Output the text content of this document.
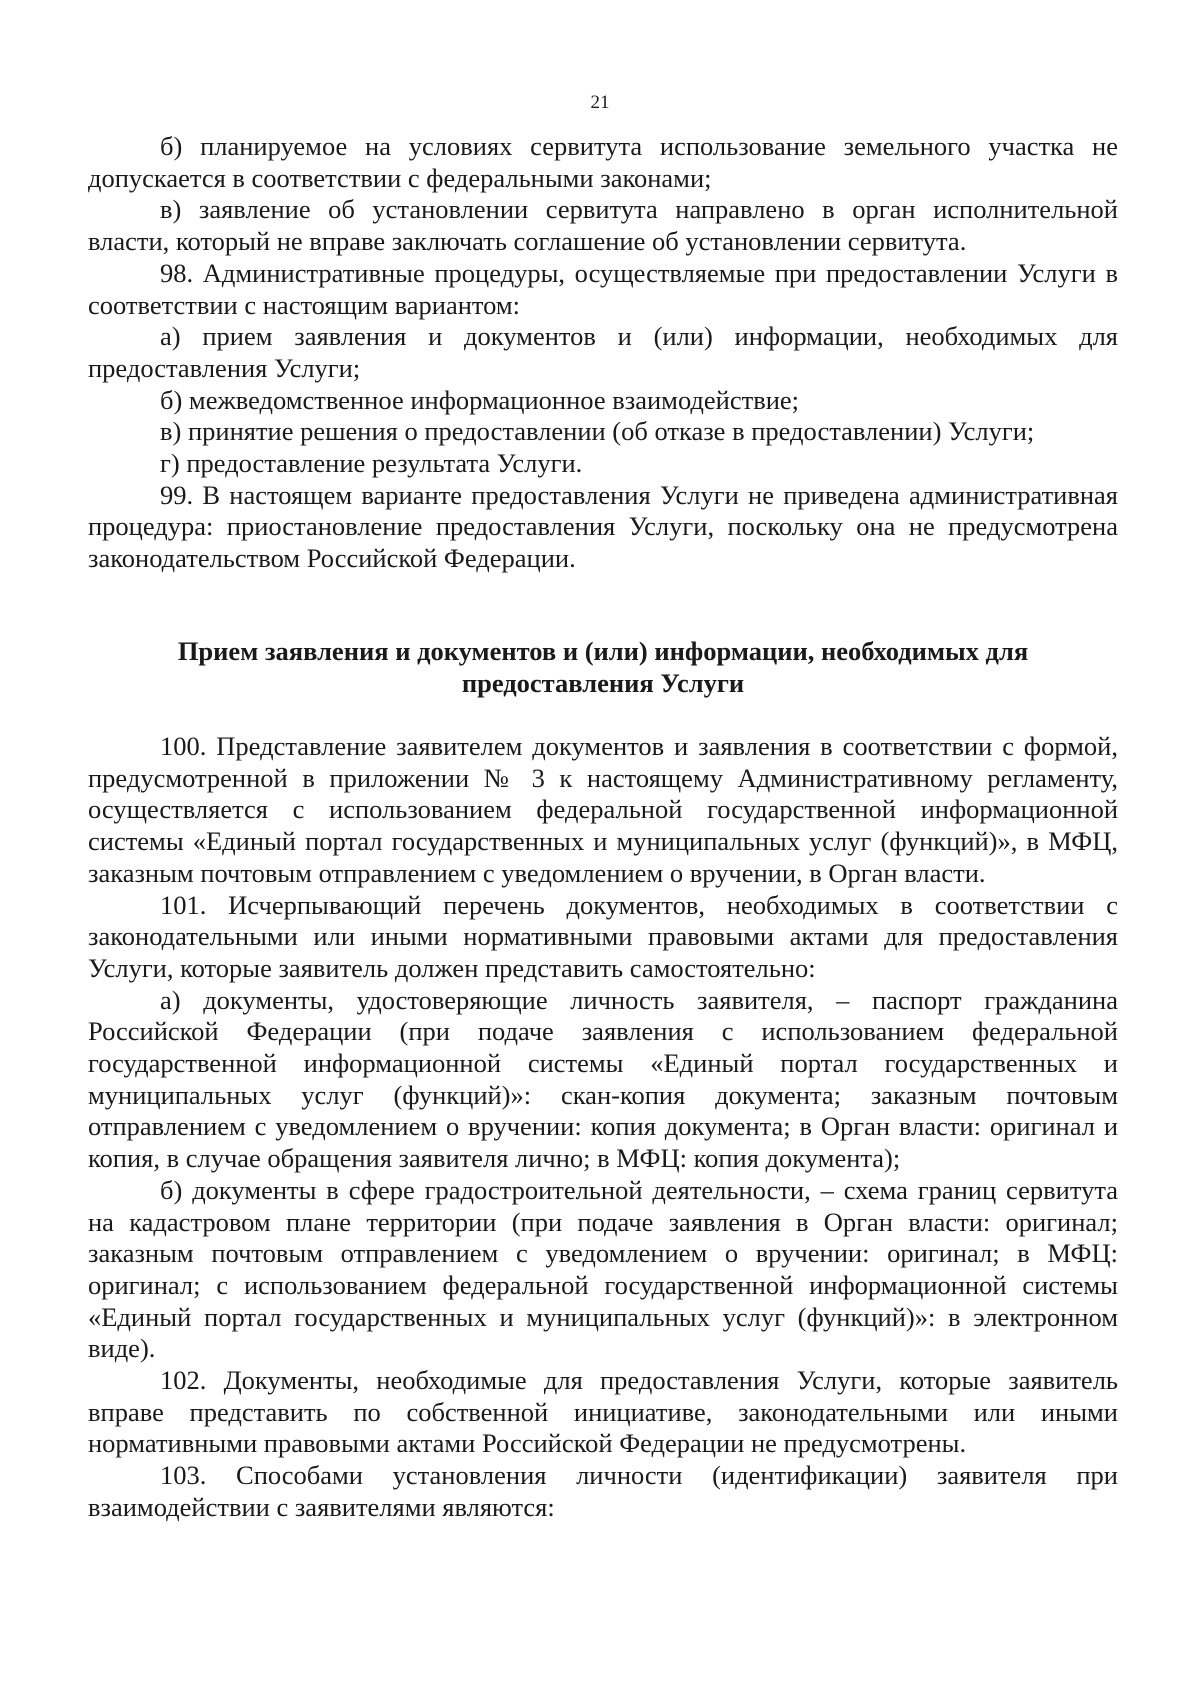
21

б) планируемое на условиях сервитута использование земельного участка не допускается в соответствии с федеральными законами;

в) заявление об установлении сервитута направлено в орган исполнительной власти, который не вправе заключать соглашение об установлении сервитута.

98. Административные процедуры, осуществляемые при предоставлении Услуги в соответствии с настоящим вариантом:

а) прием заявления и документов и (или) информации, необходимых для предоставления Услуги;

б) межведомственное информационное взаимодействие;

в) принятие решения о предоставлении (об отказе в предоставлении) Услуги;

г) предоставление результата Услуги.

99. В настоящем варианте предоставления Услуги не приведена административная процедура: приостановление предоставления Услуги, поскольку она не предусмотрена законодательством Российской Федерации.

Прием заявления и документов и (или) информации, необходимых для предоставления Услуги

100. Представление заявителем документов и заявления в соответствии с формой, предусмотренной в приложении № 3 к настоящему Административному регламенту, осуществляется с использованием федеральной государственной информационной системы «Единый портал государственных и муниципальных услуг (функций)», в МФЦ, заказным почтовым отправлением с уведомлением о вручении, в Орган власти.

101. Исчерпывающий перечень документов, необходимых в соответствии с законодательными или иными нормативными правовыми актами для предоставления Услуги, которые заявитель должен представить самостоятельно:

а) документы, удостоверяющие личность заявителя, – паспорт гражданина Российской Федерации (при подаче заявления с использованием федеральной государственной информационной системы «Единый портал государственных и муниципальных услуг (функций)»: скан-копия документа; заказным почтовым отправлением с уведомлением о вручении: копия документа; в Орган власти: оригинал и копия, в случае обращения заявителя лично; в МФЦ: копия документа);

б) документы в сфере градостроительной деятельности, – схема границ сервитута на кадастровом плане территории (при подаче заявления в Орган власти: оригинал; заказным почтовым отправлением с уведомлением о вручении: оригинал; в МФЦ: оригинал; с использованием федеральной государственной информационной системы «Единый портал государственных и муниципальных услуг (функций)»: в электронном виде).

102. Документы, необходимые для предоставления Услуги, которые заявитель вправе представить по собственной инициативе, законодательными или иными нормативными правовыми актами Российской Федерации не предусмотрены.

103. Способами установления личности (идентификации) заявителя при взаимодействии с заявителями являются:
